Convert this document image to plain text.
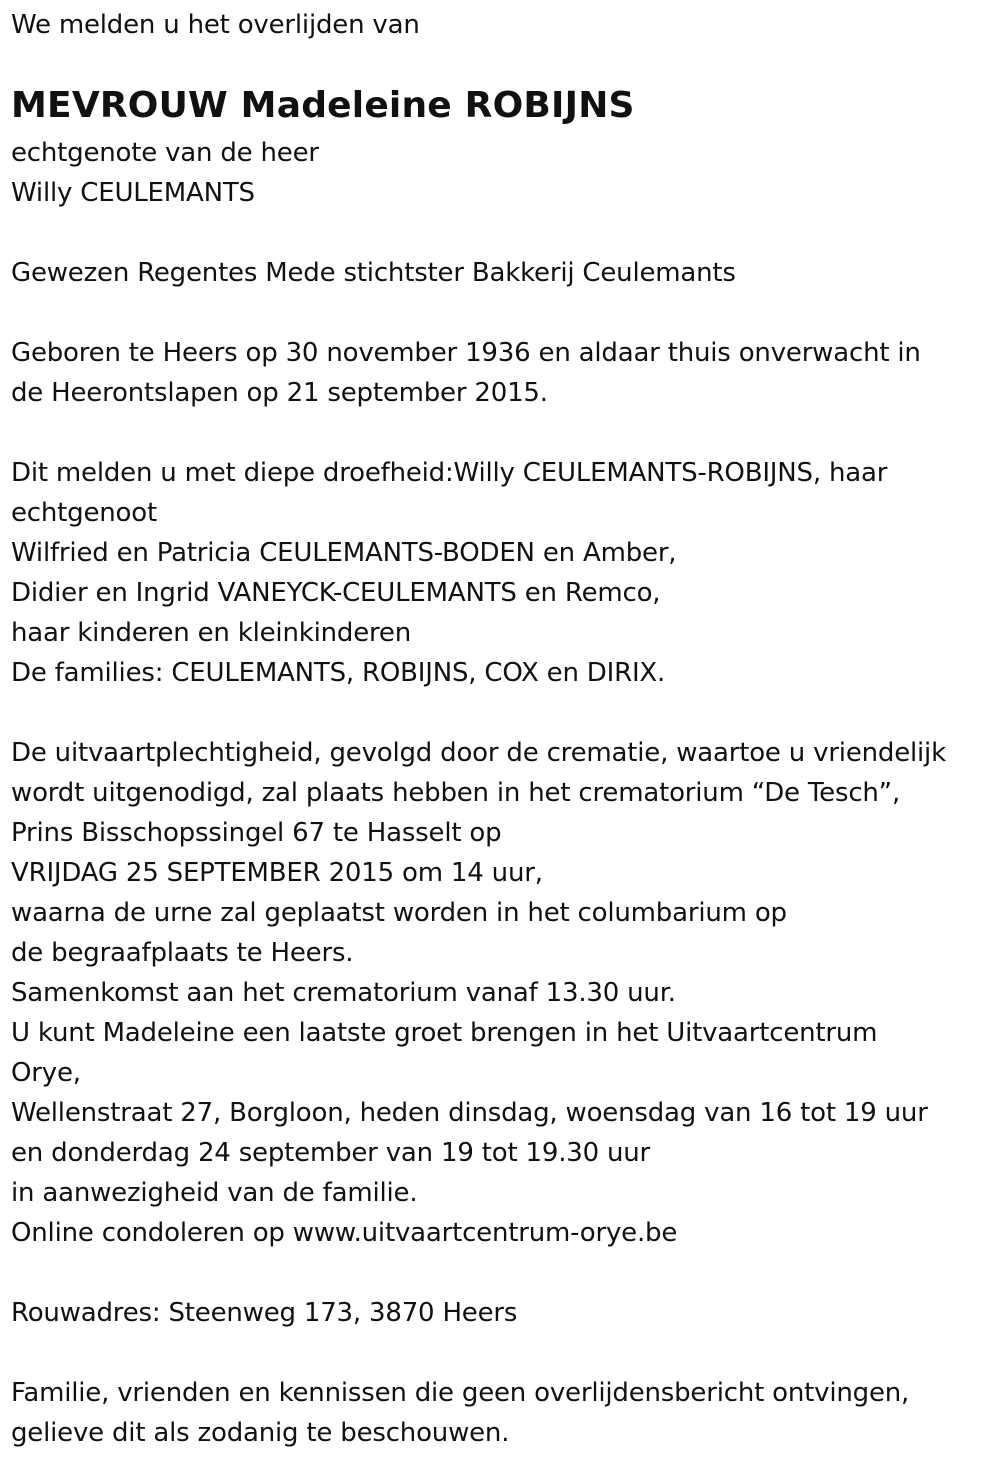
We melden u het overlijden van
MEVROUW Madeleine ROBIJNS
echtgenote van de heer
Willy CEULEMANTS
Gewezen Regentes Mede stichtster Bakkerij Ceulemants
Geboren te Heers op 30 november 1936 en aldaar thuis onverwacht in
de Heerontslapen op 21 september 2015.
Dit melden u met diepe droefheid:Willy CEULEMANTS-ROBIJNS, haar
echtgenoot
Wilfried en Patricia CEULEMANTS-BODEN en Amber,
Didier en Ingrid VANEYCK-CEULEMANTS en Remco,
haar kinderen en kleinkinderen
De families: CEULEMANTS, ROBIJNS, COX en DIRIX.
De uitvaartplechtigheid, gevolgd door de crematie, waartoe u vriendelijk
wordt uitgenodigd, zal plaats hebben in het crematorium “De Tesch”,
Prins Bisschopssingel 67 te Hasselt op
VRIJDAG 25 SEPTEMBER 2015 om 14 uur,
waarna de urne zal geplaatst worden in het columbarium op
de begraafplaats te Heers.
Samenkomst aan het crematorium vanaf 13.30 uur.
U kunt Madeleine een laatste groet brengen in het Uitvaartcentrum
Orye,
Wellenstraat 27, Borgloon, heden dinsdag, woensdag van 16 tot 19 uur
en donderdag 24 september van 19 tot 19.30 uur
in aanwezigheid van de familie.
Online condoleren op www.uitvaartcentrum-orye.be
Rouwadres: Steenweg 173, 3870 Heers
Familie, vrienden en kennissen die geen overlijdensbericht ontvingen,
gelieve dit als zodanig te beschouwen.
